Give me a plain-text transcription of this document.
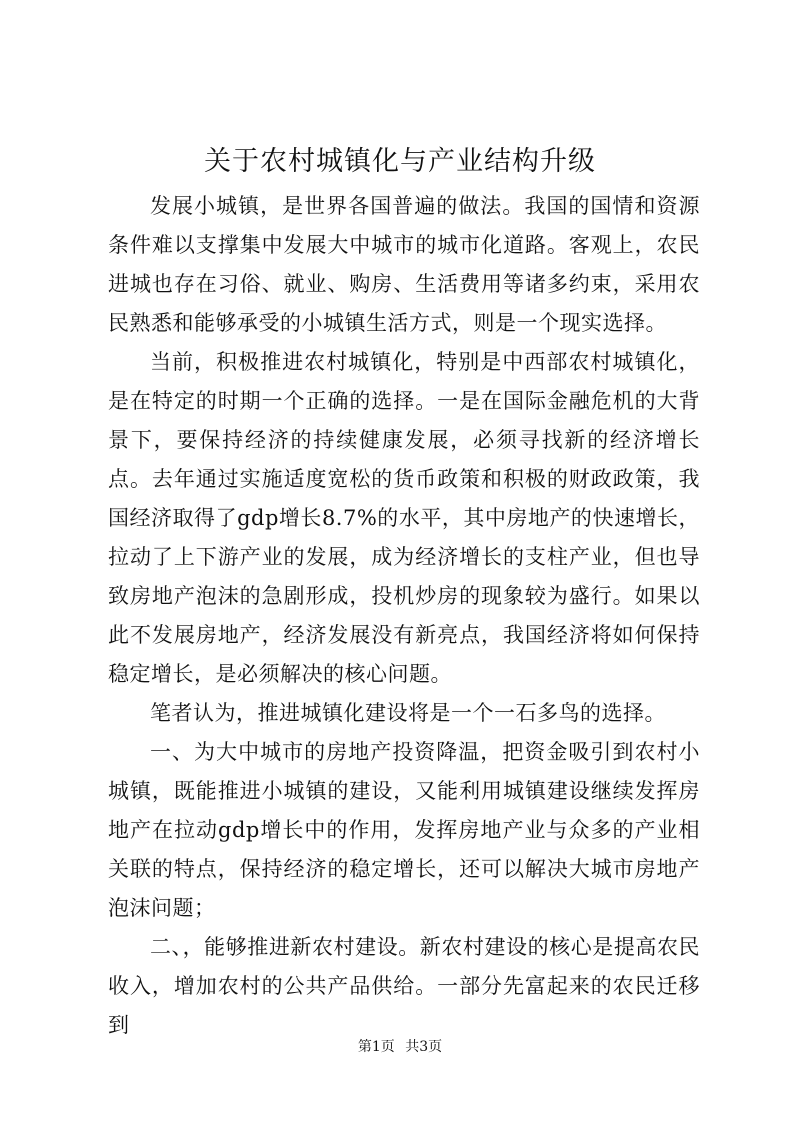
关于农村城镇化与产业结构升级

发展小城镇，是世界各国普遍的做法。我国的国情和资源条件难以支撑集中发展大中城市的城市化道路。客观上，农民进城也存在习俗、就业、购房、生活费用等诸多约束，采用农民熟悉和能够承受的小城镇生活方式，则是一个现实选择。

当前，积极推进农村城镇化，特别是中西部农村城镇化，是在特定的时期一个正确的选择。一是在国际金融危机的大背景下，要保持经济的持续健康发展，必须寻找新的经济增长点。去年通过实施适度宽松的货币政策和积极的财政政策，我国经济取得了gdp增长8.7%的水平，其中房地产的快速增长，拉动了上下游产业的发展，成为经济增长的支柱产业，但也导致房地产泡沫的急剧形成，投机炒房的现象较为盛行。如果以此不发展房地产，经济发展没有新亮点，我国经济将如何保持稳定增长，是必须解决的核心问题。

笔者认为，推进城镇化建设将是一个一石多鸟的选择。

一、为大中城市的房地产投资降温，把资金吸引到农村小城镇，既能推进小城镇的建设，又能利用城镇建设继续发挥房地产在拉动gdp增长中的作用，发挥房地产业与众多的产业相关联的特点，保持经济的稳定增长，还可以解决大城市房地产泡沫问题；

二、，能够推进新农村建设。新农村建设的核心是提高农民收入，增加农村的公共产品供给。一部分先富起来的农民迁移到

第1页 共3页
